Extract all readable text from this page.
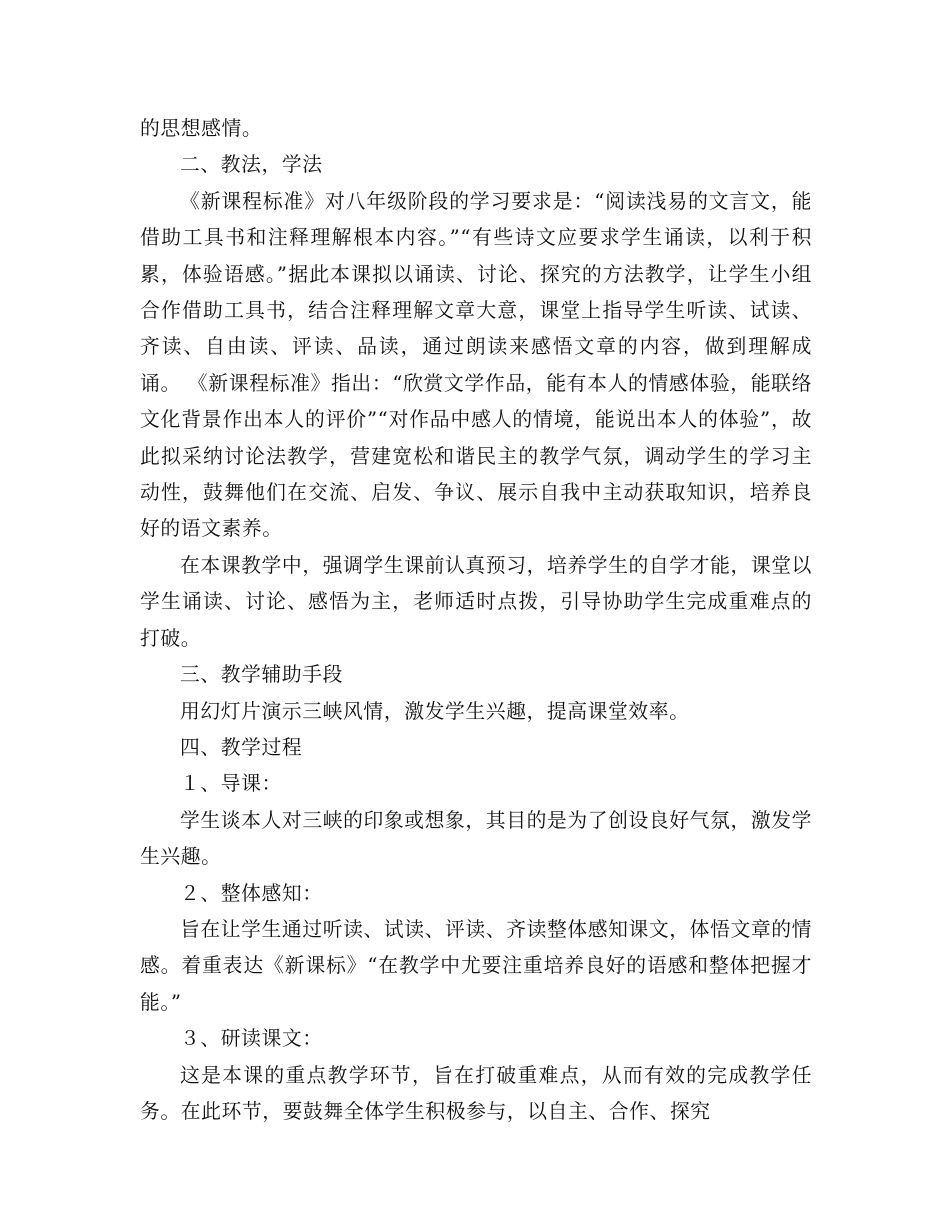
的思想感情。

二、教法，学法

《新课程标准》对八年级阶段的学习要求是：“阅读浅易的文言文，能借助工具书和注释理解根本内容。”“有些诗文应要求学生诵读，以利于积累，体验语感。”据此本课拟以诵读、讨论、探究的方法教学，让学生小组合作借助工具书，结合注释理解文章大意，课堂上指导学生听读、试读、齐读、自由读、评读、品读，通过朗读来感悟文章的内容，做到理解成诵。 《新课程标准》指出：“欣赏文学作品，能有本人的情感体验，能联络文化背景作出本人的评价”“对作品中感人的情境，能说出本人的体验”，故此拟采纳讨论法教学，营建宽松和谐民主的教学气氛，调动学生的学习主动性，鼓舞他们在交流、启发、争议、展示自我中主动获取知识，培养良好的语文素养。

在本课教学中，强调学生课前认真预习，培养学生的自学才能，课堂以学生诵读、讨论、感悟为主，老师适时点拨，引导协助学生完成重难点的打破。

三、教学辅助手段

用幻灯片演示三峡风情，激发学生兴趣，提高课堂效率。

四、教学过程

１、导课：

学生谈本人对三峡的印象或想象，其目的是为了创设良好气氛，激发学生兴趣。

２、整体感知：

旨在让学生通过听读、试读、评读、齐读整体感知课文，体悟文章的情感。着重表达《新课标》“在教学中尤要注重培养良好的语感和整体把握才能。”

３、研读课文：

这是本课的重点教学环节，旨在打破重难点，从而有效的完成教学任务。在此环节，要鼓舞全体学生积极参与，以自主、合作、探究
